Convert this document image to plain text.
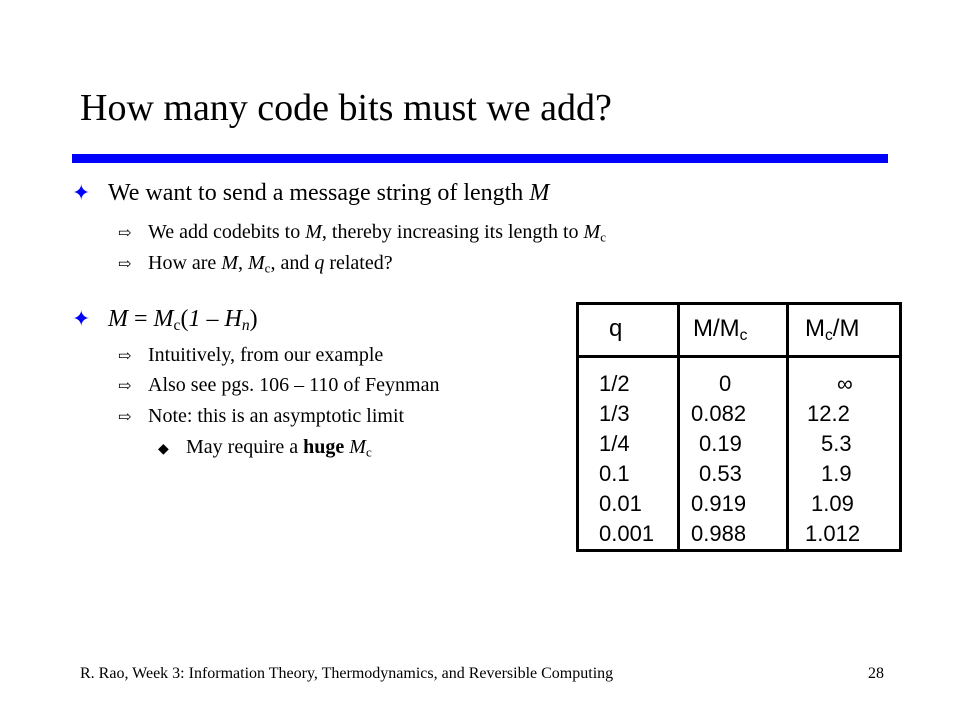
How many code bits must we add?
✦ We want to send a message string of length M
⇨ We add codebits to M, thereby increasing its length to $M_c$
⇨ How are M, $M_c$, and q related?
✦ $M = M_c(1 - H_n)$
⇨ Intuitively, from our example
⇨ Also see pgs. 106 – 110 of Feynman
⇨ Note: this is an asymptotic limit
◆ May require a huge $M_c$
q	$M/M_c$ $M_c/M$
1/2
1/3
1/4
0.1
0.01
0.001
0
0.082
0.19
0.53
0.919
0.988
∞
12.2
5.3
1.9
1.09
1.012
R. Rao, Week 3: Information Theory, Thermodynamics, and Reversible Computing	28
